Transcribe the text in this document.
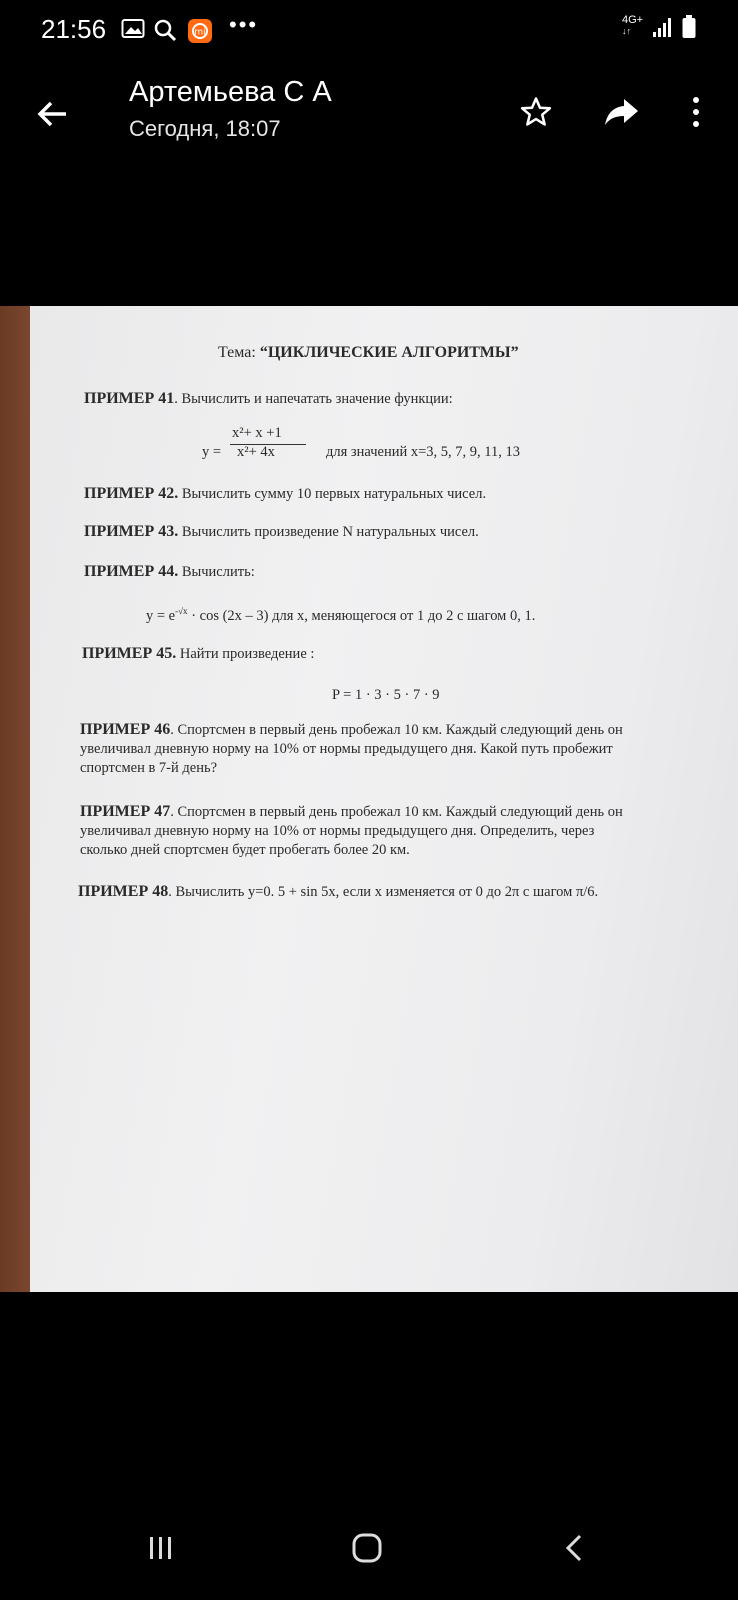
21:56	mi •••	4G+
↓↑
Артемьева С А
Сегодня, 18:07
Тема: “ЦИКЛИЧЕСКИЕ АЛГОРИТМЫ”
ПРИМЕР 41. Вычислить и напечатать значение функции:
x²+ x +1
y = x²+ 4x	для значений x=3, 5, 7, 9, 11, 13
ПРИМЕР 42. Вычислить сумму 10 первых натуральных чисел.
ПРИМЕР 43. Вычислить произведение N натуральных чисел.
ПРИМЕР 44. Вычислить:
$y = e^{-√x} \cdot \cos (2x - 3)$ для x, меняющегося от 1 до 2 с шагом 0, 1.
ПРИМЕР 45. Найти произведение :
P = 1 · 3 · 5 · 7 · 9
ПРИМЕР 46. Спортсмен в первый день пробежал 10 км. Каждый следующий день он
увеличивал дневную норму на 10% от нормы предыдущего дня. Какой путь пробежит
спортсмен в 7-й день?
ПРИМЕР 47. Спортсмен в первый день пробежал 10 км. Каждый следующий день он
увеличивал дневную норму на 10% от нормы предыдущего дня. Определить, через
сколько дней спортсмен будет пробегать более 20 км.
ПРИМЕР 48. Вычислить y=0. 5 + sin 5x, если x изменяется от 0 до 2π с шагом π/6.
